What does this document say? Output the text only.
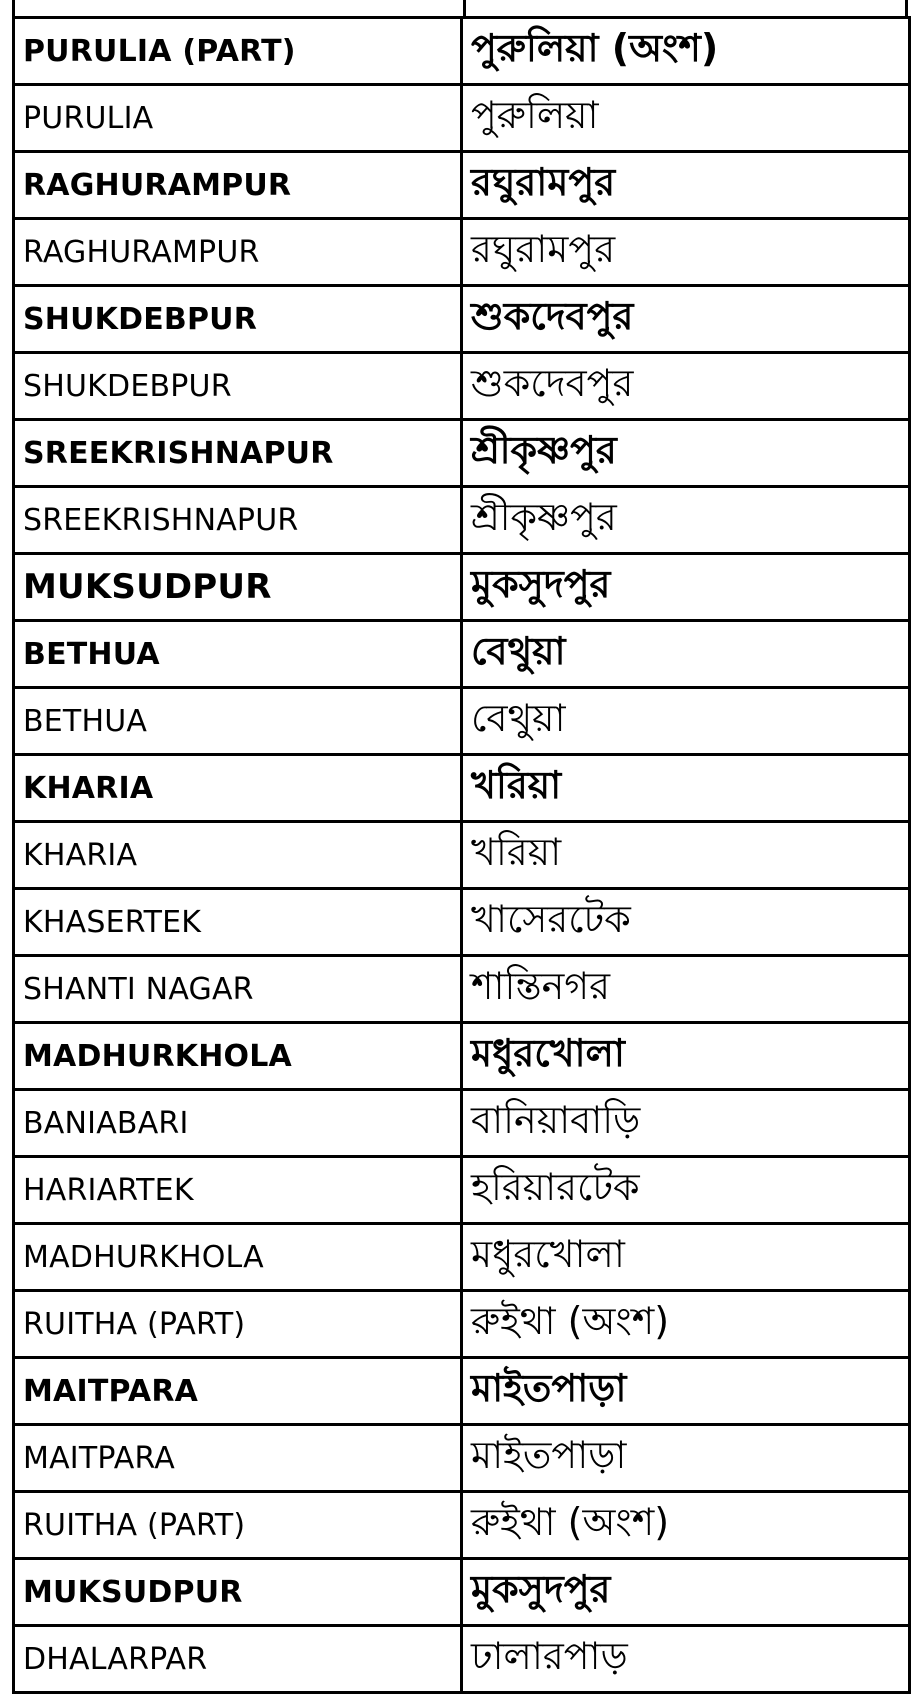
PURULIA (PART)	পুরুলিয়া (অংশ)
PURULIA	পুরুলিয়া
RAGHURAMPUR	রঘুরামপুর
RAGHURAMPUR	রঘুরামপুর
SHUKDEBPUR	শুকদেবপুর
SHUKDEBPUR	শুকদেবপুর
SREEKRISHNAPUR	শ্রীকৃষ্ণপুর
SREEKRISHNAPUR	শ্রীকৃষ্ণপুর
MUKSUDPUR	মুকসুদপুর
BETHUA	বেথুয়া
BETHUA	বেথুয়া
KHARIA	খরিয়া
KHARIA	খরিয়া
KHASERTEK	খাসেরটেক
SHANTI NAGAR	শান্তিনগর
MADHURKHOLA	মধুরখোলা
BANIABARI	বানিয়াবাড়ি
HARIARTEK	হরিয়ারটেক
MADHURKHOLA	মধুরখোলা
RUITHA (PART)	রুইথা (অংশ)
MAITPARA	মাইতপাড়া
MAITPARA	মাইতপাড়া
RUITHA (PART)	রুইথা (অংশ)
MUKSUDPUR	মুকসুদপুর
DHALARPAR	ঢালারপাড়
